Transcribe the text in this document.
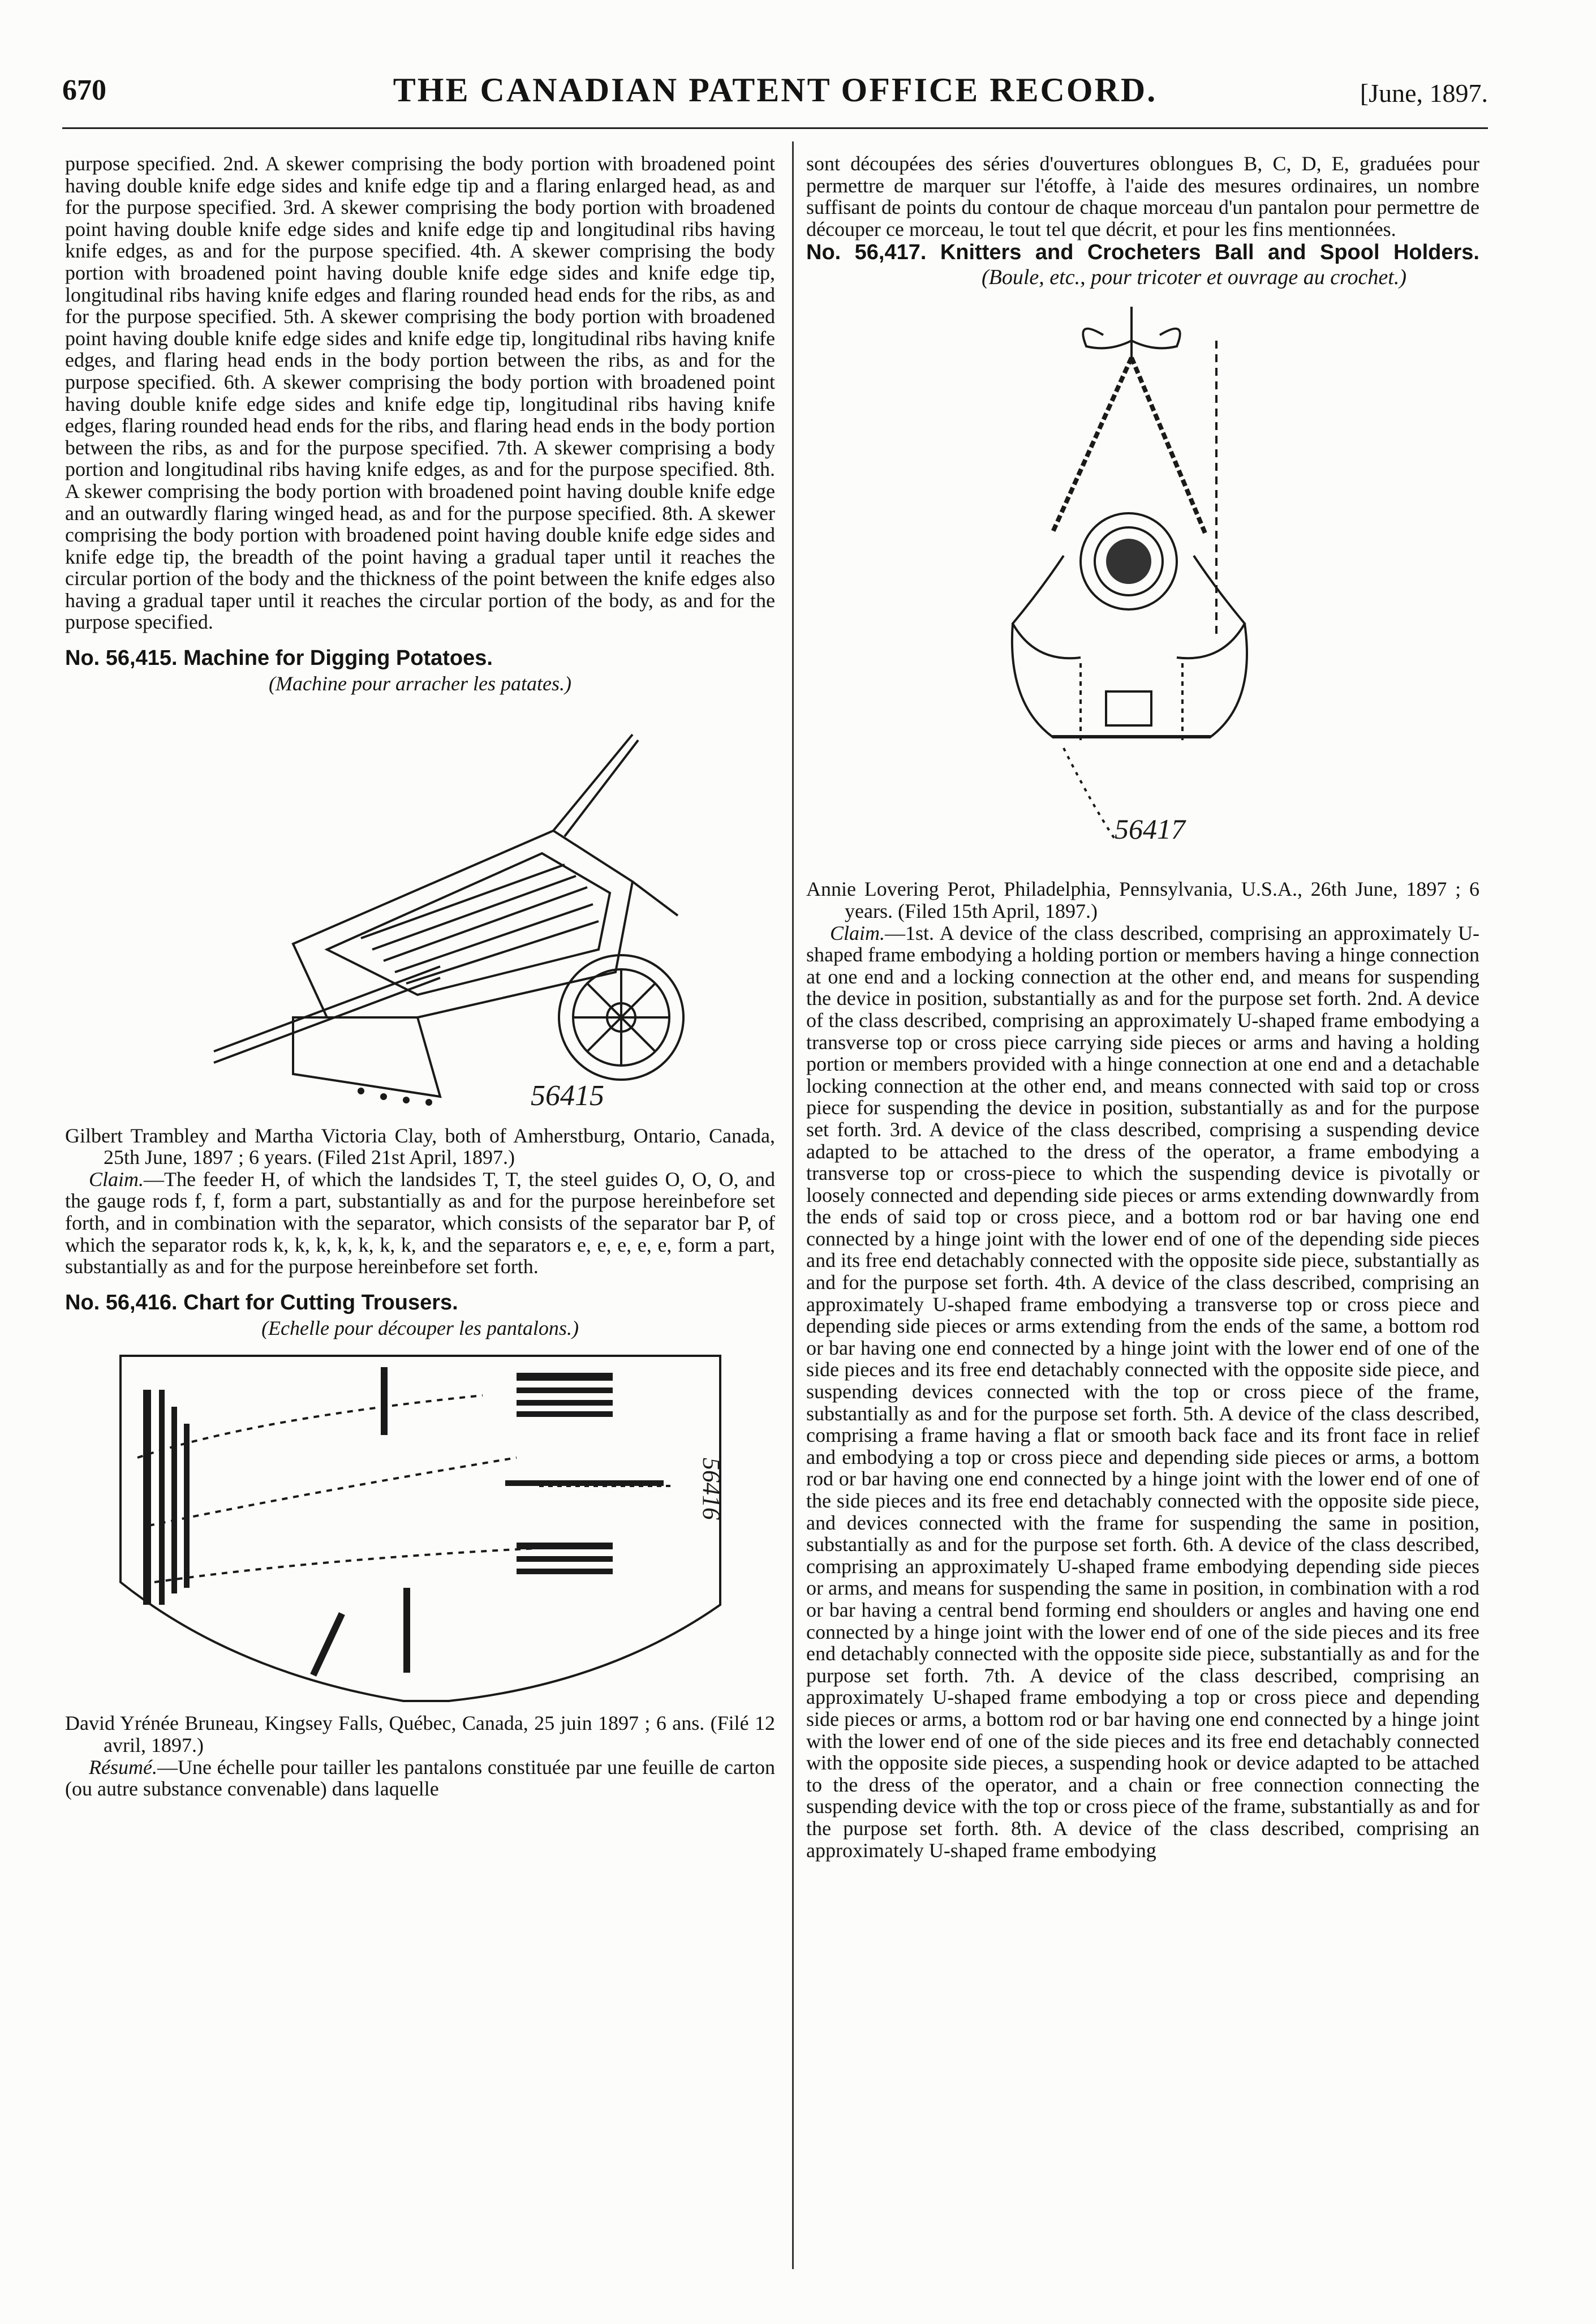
670	THE CANADIAN PATENT OFFICE RECORD.	[June, 1897.

purpose specified. 2nd. A skewer comprising the body portion with broadened point having double knife edge sides and knife edge tip and a flaring enlarged head, as and for the purpose specified. 3rd. A skewer comprising the body portion with broadened point having double knife edge sides and knife edge tip and longitudinal ribs having knife edges, as and for the purpose specified. 4th. A skewer comprising the body portion with broadened point having double knife edge sides and knife edge tip, longitudinal ribs having knife edges and flaring rounded head ends for the ribs, as and for the purpose specified. 5th. A skewer comprising the body portion with broadened point having double knife edge sides and knife edge tip, longitudinal ribs having knife edges, and flaring head ends in the body portion between the ribs, as and for the purpose specified. 6th. A skewer comprising the body portion with broadened point having double knife edge sides and knife edge tip, longitudinal ribs having knife edges, flaring rounded head ends for the ribs, and flaring head ends in the body portion between the ribs, as and for the purpose specified. 7th. A skewer comprising a body portion and longitudinal ribs having knife edges, as and for the purpose specified. 8th. A skewer comprising the body portion with broadened point having double knife edge and an outwardly flaring winged head, as and for the purpose specified. 8th. A skewer comprising the body portion with broadened point having double knife edge sides and knife edge tip, the breadth of the point having a gradual taper until it reaches the circular portion of the body and the thickness of the point between the knife edges also having a gradual taper until it reaches the circular portion of the body, as and for the purpose specified.

No. 56,415. Machine for Digging Potatoes.

(Machine pour arracher les patates.)

56415

Gilbert Trambley and Martha Victoria Clay, both of Amherstburg, Ontario, Canada, 25th June, 1897 ; 6 years. (Filed 21st April, 1897.)

Claim.—The feeder H, of which the landsides T, T, the steel guides O, O, O, and the gauge rods f, f, form a part, substantially as and for the purpose hereinbefore set forth, and in combination with the separator, which consists of the separator bar P, of which the separator rods k, k, k, k, k, k, k, and the separators e, e, e, e, e, form a part, substantially as and for the purpose hereinbefore set forth.

No. 56,416. Chart for Cutting Trousers.

(Echelle pour découper les pantalons.)

56416

David Yrénée Bruneau, Kingsey Falls, Québec, Canada, 25 juin 1897 ; 6 ans. (Filé 12 avril, 1897.)

Résumé.—Une échelle pour tailler les pantalons constituée par une feuille de carton (ou autre substance convenable) dans laquelle

sont découpées des séries d'ouvertures oblongues B, C, D, E, graduées pour permettre de marquer sur l'étoffe, à l'aide des mesures ordinaires, un nombre suffisant de points du contour de chaque morceau d'un pantalon pour permettre de découper ce morceau, le tout tel que décrit, et pour les fins mentionnées.

No. 56,417. Knitters and Crocheters Ball and Spool Holders. (Boule, etc., pour tricoter et ouvrage au crochet.)

56417

Annie Lovering Perot, Philadelphia, Pennsylvania, U.S.A., 26th June, 1897 ; 6 years. (Filed 15th April, 1897.)

Claim.—1st. A device of the class described, comprising an approximately U-shaped frame embodying a holding portion or members having a hinge connection at one end and a locking connection at the other end, and means for suspending the device in position, substantially as and for the purpose set forth. 2nd. A device of the class described, comprising an approximately U-shaped frame embodying a transverse top or cross piece carrying side pieces or arms and having a holding portion or members provided with a hinge connection at one end and a detachable locking connection at the other end, and means connected with said top or cross piece for suspending the device in position, substantially as and for the purpose set forth. 3rd. A device of the class described, comprising a suspending device adapted to be attached to the dress of the operator, a frame embodying a transverse top or cross-piece to which the suspending device is pivotally or loosely connected and depending side pieces or arms extending downwardly from the ends of said top or cross piece, and a bottom rod or bar having one end connected by a hinge joint with the lower end of one of the depending side pieces and its free end detachably connected with the opposite side piece, substantially as and for the purpose set forth. 4th. A device of the class described, comprising an approximately U-shaped frame embodying a transverse top or cross piece and depending side pieces or arms extending from the ends of the same, a bottom rod or bar having one end connected by a hinge joint with the lower end of one of the side pieces and its free end detachably connected with the opposite side piece, and suspending devices connected with the top or cross piece of the frame, substantially as and for the purpose set forth. 5th. A device of the class described, comprising a frame having a flat or smooth back face and its front face in relief and embodying a top or cross piece and depending side pieces or arms, a bottom rod or bar having one end connected by a hinge joint with the lower end of one of the side pieces and its free end detachably connected with the opposite side piece, and devices connected with the frame for suspending the same in position, substantially as and for the purpose set forth. 6th. A device of the class described, comprising an approximately U-shaped frame embodying depending side pieces or arms, and means for suspending the same in position, in combination with a rod or bar having a central bend forming end shoulders or angles and having one end connected by a hinge joint with the lower end of one of the side pieces and its free end detachably connected with the opposite side piece, substantially as and for the purpose set forth. 7th. A device of the class described, comprising an approximately U-shaped frame embodying a top or cross piece and depending side pieces or arms, a bottom rod or bar having one end connected by a hinge joint with the lower end of one of the side pieces and its free end detachably connected with the opposite side pieces, a suspending hook or device adapted to be attached to the dress of the operator, and a chain or free connection connecting the suspending device with the top or cross piece of the frame, substantially as and for the purpose set forth. 8th. A device of the class described, comprising an approximately U-shaped frame embodying
